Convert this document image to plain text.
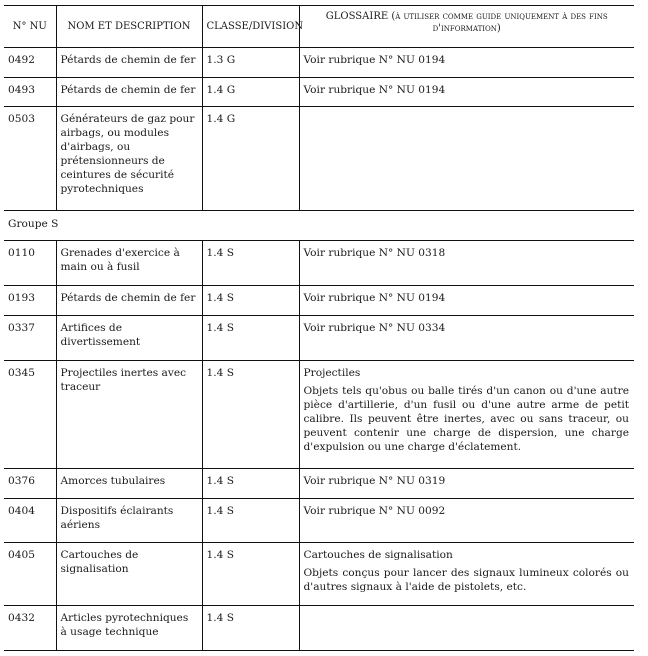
N° NU	NOM ET DESCRIPTION	CLASSE/DIVISION	GLOSSAIRE (à utiliser comme guide uniquement à des fins d'information)
0492	Pétards de chemin de fer	1.3 G	Voir rubrique N° NU 0194
0493	Pétards de chemin de fer	1.4 G	Voir rubrique N° NU 0194
0503	Générateurs de gaz pour airbags, ou modules d'airbags, ou prétensionneurs de ceintures de sécurité pyrotechniques	1.4 G	
Groupe S			
0110	Grenades d'exercice à main ou à fusil	1.4 S	Voir rubrique N° NU 0318
0193	Pétards de chemin de fer	1.4 S	Voir rubrique N° NU 0194
0337	Artifices de divertissement	1.4 S	Voir rubrique N° NU 0334
0345	Projectiles inertes avec traceur	1.4 S	Projectiles
Objets tels qu'obus ou balle tirés d'un canon ou d'une autre pièce d'artillerie, d'un fusil ou d'une autre arme de petit calibre. Ils peuvent être inertes, avec ou sans traceur, ou peuvent contenir une charge de dispersion, une charge d'expulsion ou une charge d'éclatement.

0376	Amorces tubulaires	1.4 S	Voir rubrique N° NU 0319
0404	Dispositifs éclairants aériens	1.4 S	Voir rubrique N° NU 0092
0405	Cartouches de signalisation	1.4 S	Cartouches de signalisation
Objets conçus pour lancer des signaux lumineux colorés ou d'autres signaux à l'aide de pistolets, etc.

0432	Articles pyrotechniques à usage technique	1.4 S	
